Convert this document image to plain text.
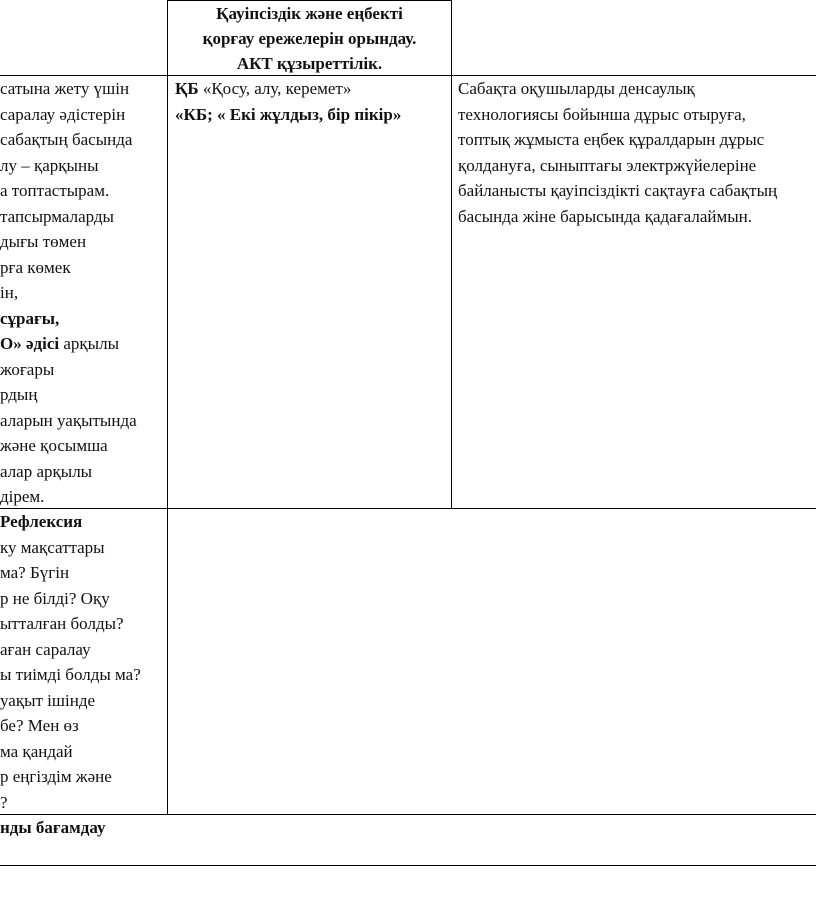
Қауіпсіздік және еңбекті
қорғау ережелерін орындау.
АКТ құзыреттілік.
сатына жету үшін
саралау әдістерін
сабақтың басында
лу – қарқыны
а топтастырам.
тапсырмаларды
дығы төмен
рға көмек
ін,
сұрағы,
О» әдісі арқылы
жоғары
рдың
аларын уақытында
және қосымша
алар арқылы
дірем.
ҚБ «Қосу, алу, керемет»
«КБ; « Екі жұлдыз, бір пікір»
Сабақта оқушыларды денсаулық
технологиясы бойынша дұрыс отыруға,
топтық жұмыста еңбек құралдарын дұрыс
қолдануға, сыныптағы электржүйелеріне
байланысты қауіпсіздікті сақтауға сабақтың
басында жіне барысында қадағалаймын.
Рефлексия
ку мақсаттары
ма? Бүгін
р не білді? Оқу
ытталған болды?
аған саралау
ы тиімді болды ма?
уақыт ішінде
бе? Мен өз
ма қандай
р еңгіздім және
?
нды бағамдау
